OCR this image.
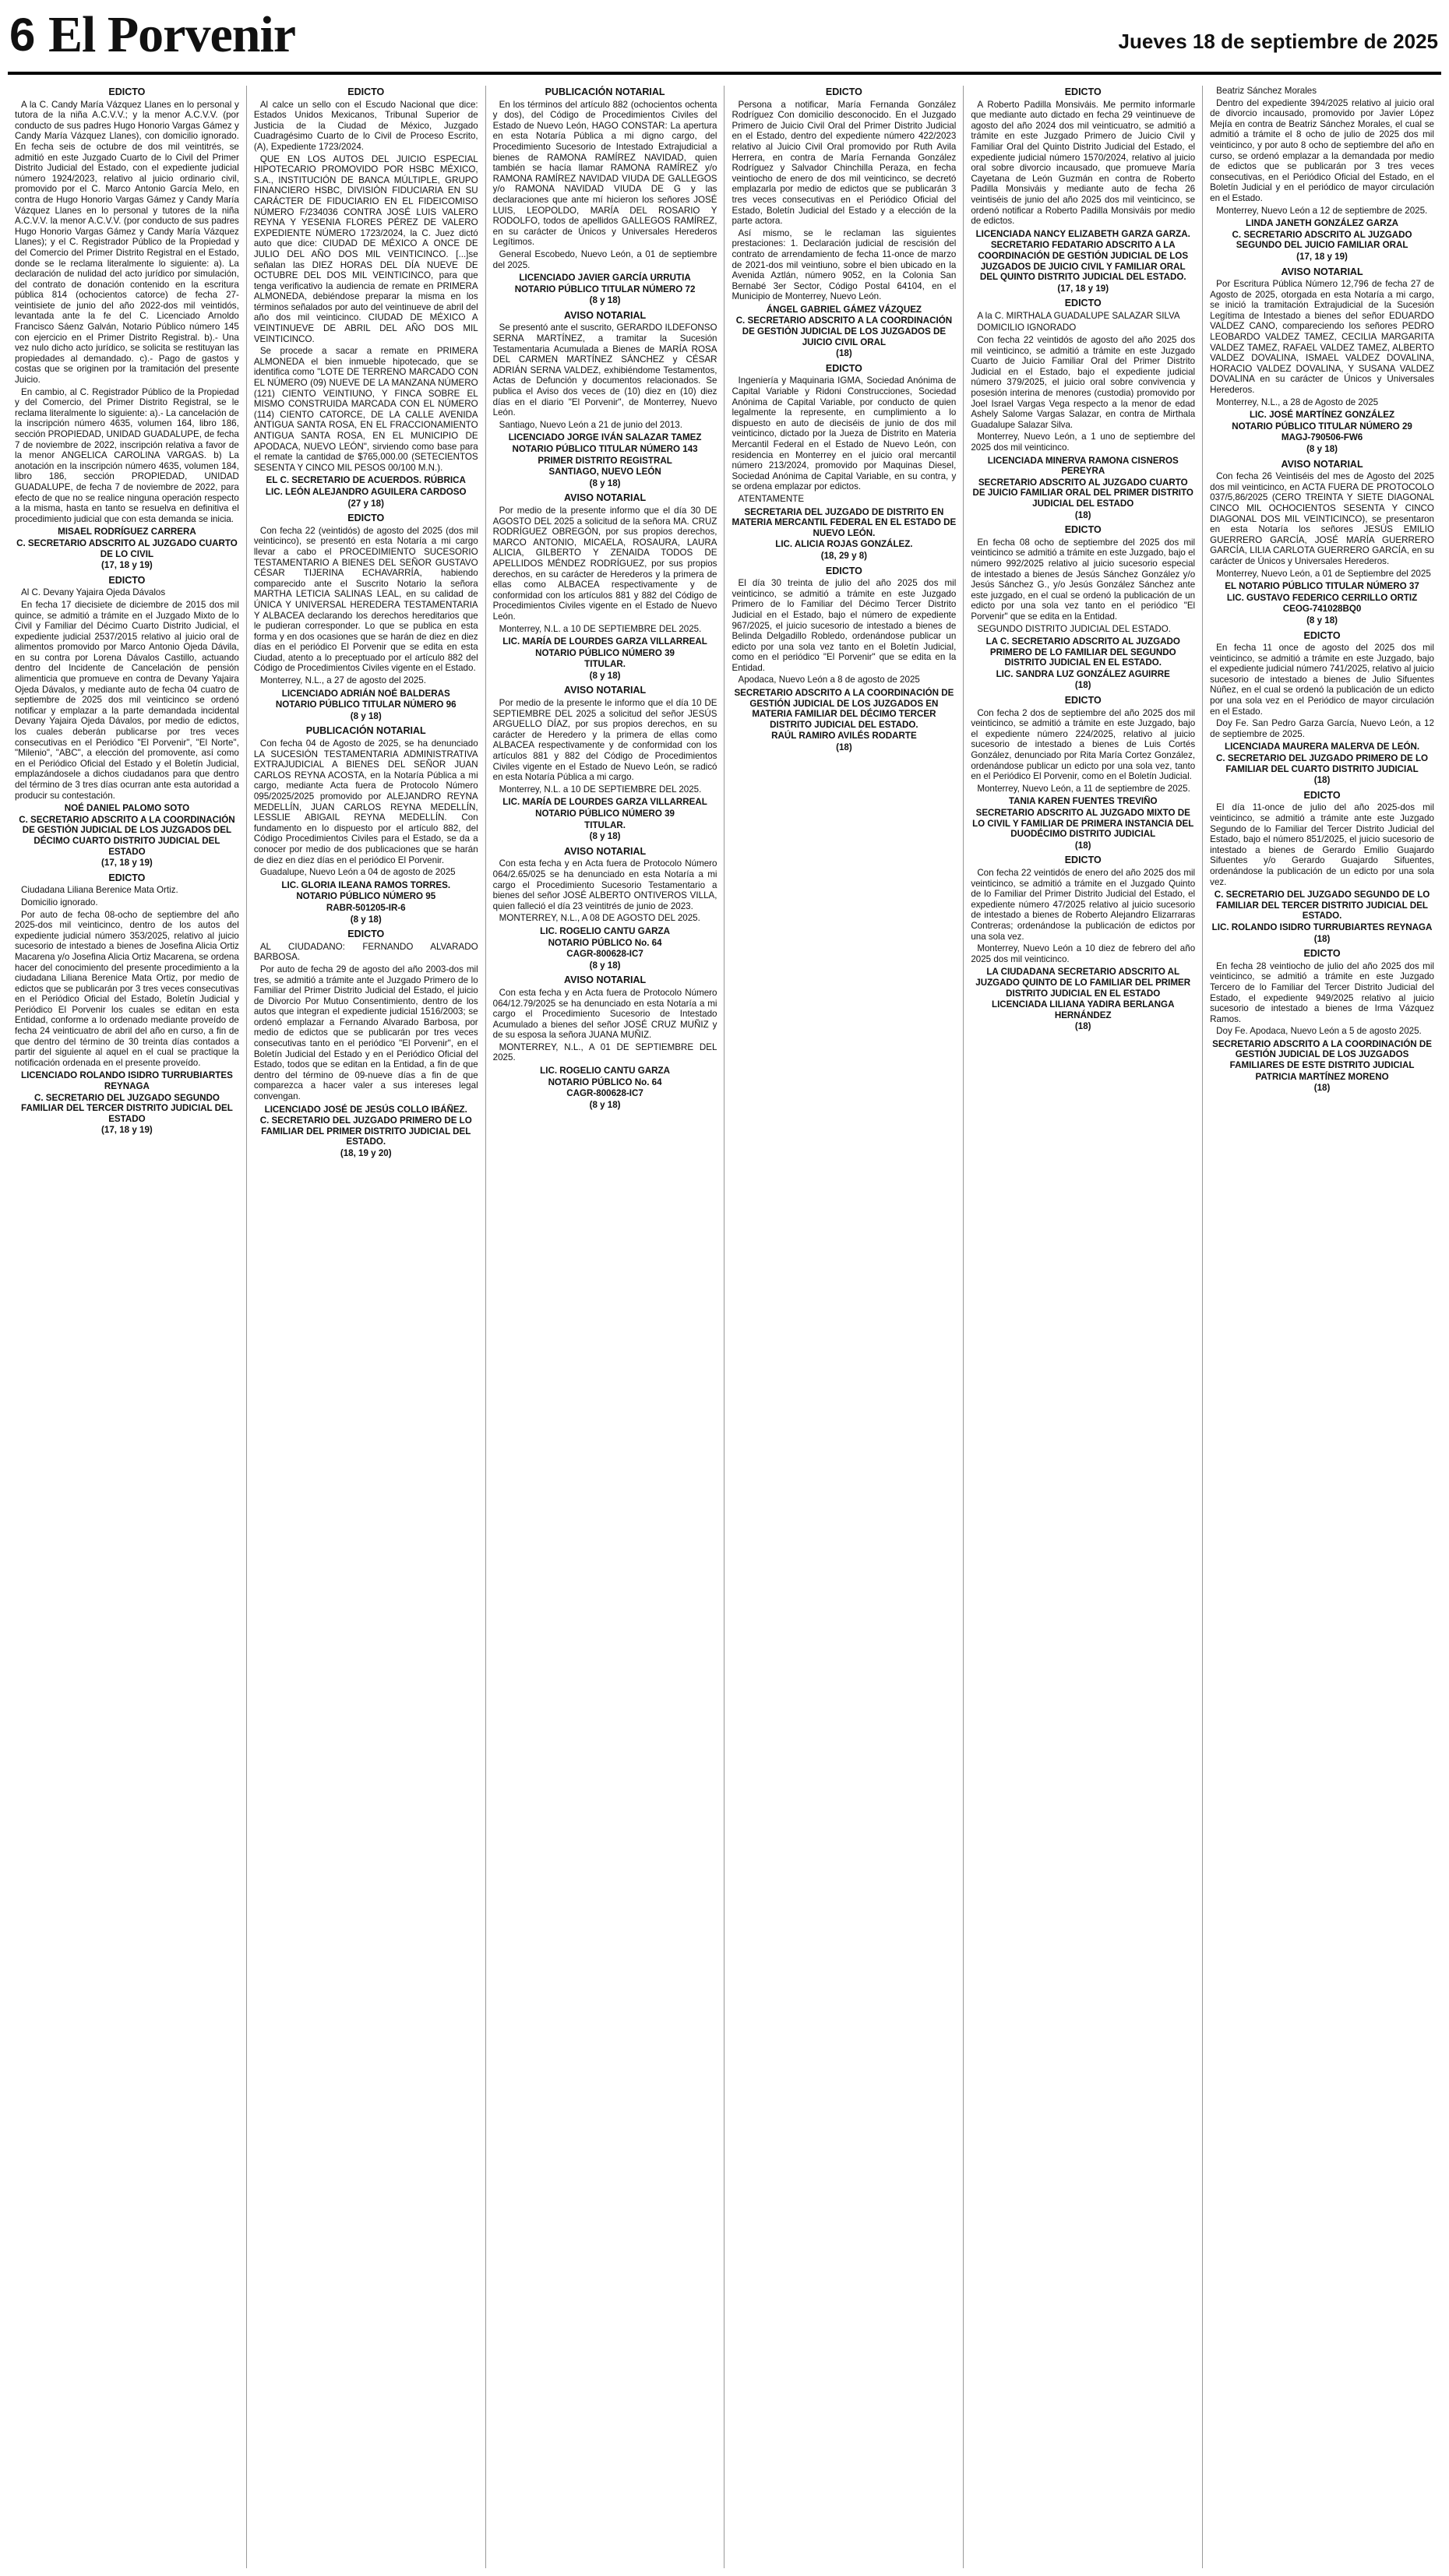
6 El Porvenir	Jueves 18 de septiembre de 2025
EDICTO

A la C. Candy María Vázquez Llanes en lo personal y tutora de la niña A.C.V.V.; y la menor A.C.V.V. (por conducto de sus padres Hugo Honorio Vargas Gámez y Candy María Vázquez Llanes), con domicilio ignorado. En fecha seis de octubre de dos mil veintitrés, se admitió en este Juzgado Cuarto de lo Civil del Primer Distrito Judicial del Estado, con el expediente judicial número 1924/2023, relativo al juicio ordinario civil, promovido por el C. Marco Antonio García Melo, en contra de Hugo Honorio Vargas Gámez y Candy María Vázquez Llanes en lo personal y tutores de la niña A.C.V.V. la menor A.C.V.V. (por conducto de sus padres Hugo Honorio Vargas Gámez y Candy María Vázquez Llanes); y el C. Registrador Público de la Propiedad y del Comercio del Primer Distrito Registral en el Estado, donde se le reclama literalmente lo siguiente: a). La declaración de nulidad del acto jurídico por simulación, del contrato de donación contenido en la escritura pública 814 (ochocientos catorce) de fecha 27-veintisiete de junio del año 2022-dos mil veintidós, levantada ante la fe del C. Licenciado Arnoldo Francisco Sáenz Galván, Notario Público número 145 con ejercicio en el Primer Distrito Registral. b).- Una vez nulo dicho acto jurídico, se solicita se restituyan las propiedades al demandado. c).- Pago de gastos y costas que se originen por la tramitación del presente Juicio.

En cambio, al C. Registrador Público de la Propiedad y del Comercio, del Primer Distrito Registral, se le reclama literalmente lo siguiente: a).- La cancelación de la inscripción número 4635, volumen 164, libro 186, sección PROPIEDAD, UNIDAD GUADALUPE, de fecha 7 de noviembre de 2022, inscripción relativa a favor de la menor ANGELICA CAROLINA VARGAS. b) La anotación en la inscripción número 4635, volumen 184, libro 186, sección PROPIEDAD, UNIDAD GUADALUPE, de fecha 7 de noviembre de 2022, para efecto de que no se realice ninguna operación respecto a la misma, hasta en tanto se resuelva en definitiva el procedimiento judicial que con esta demanda se inicia.

MISAEL RODRÍGUEZ CARRERA
C. SECRETARIO ADSCRITO AL JUZGADO CUARTO DE LO CIVIL
(17, 18 y 19)
EDICTO

Al C. Devany Yajaira Ojeda Dávalos

En fecha 17 diecisiete de diciembre de 2015 dos mil quince, se admitió a trámite en el Juzgado Mixto de lo Civil y Familiar del Décimo Cuarto Distrito Judicial, el expediente judicial 2537/2015 relativo al juicio oral de alimentos promovido por Marco Antonio Ojeda Dávila, en su contra por Lorena Dávalos Castillo, actuando dentro del Incidente de Cancelación de pensión alimenticia que promueve en contra de Devany Yajaira Ojeda Dávalos, y mediante auto de fecha 04 cuatro de septiembre de 2025 dos mil veinticinco se ordenó notificar y emplazar a la parte demandada incidental Devany Yajaira Ojeda Dávalos, por medio de edictos, los cuales deberán publicarse por tres veces consecutivas en el Periódico "El Porvenir", "El Norte", "Milenio", "ABC", a elección del promovente, así como en el Periódico Oficial del Estado y el Boletín Judicial, emplazándosele a dichos ciudadanos para que dentro del término de 3 tres días ocurran ante esta autoridad a producir su contestación.

NOÉ DANIEL PALOMO SOTO
C. SECRETARIO ADSCRITO A LA COORDINACIÓN DE GESTIÓN JUDICIAL DE LOS JUZGADOS DEL DÉCIMO CUARTO DISTRITO JUDICIAL DEL ESTADO
(17, 18 y 19)
EDICTO

Ciudadana Liliana Berenice Mata Ortiz.

Domicilio ignorado.

Por auto de fecha 08-ocho de septiembre del año 2025-dos mil veinticinco, dentro de los autos del expediente judicial número 353/2025, relativo al juicio sucesorio de intestado a bienes de Josefina Alicia Ortiz Macarena y/o Josefina Alicia Ortiz Macarena, se ordena hacer del conocimiento del presente procedimiento a la ciudadana Liliana Berenice Mata Ortiz, por medio de edictos que se publicarán por 3 tres veces consecutivas en el Periódico Oficial del Estado, Boletín Judicial y Periódico El Porvenir los cuales se editan en esta Entidad, conforme a lo ordenado mediante proveído de fecha 24 veinticuatro de abril del año en curso, a fin de que dentro del término de 30 treinta días contados a partir del siguiente al aquel en el cual se practique la notificación ordenada en el presente proveído.

LICENCIADO ROLANDO ISIDRO TURRUBIARTES REYNAGA
C. SECRETARIO DEL JUZGADO SEGUNDO FAMILIAR DEL TERCER DISTRITO JUDICIAL DEL ESTADO
(17, 18 y 19)
EDICTO

Al calce un sello con el Escudo Nacional que dice: Estados Unidos Mexicanos, Tribunal Superior de Justicia de la Ciudad de México, Juzgado Cuadragésimo Cuarto de lo Civil de Proceso Escrito, (A), Expediente 1723/2024.

QUE EN LOS AUTOS DEL JUICIO ESPECIAL HIPOTECARIO PROMOVIDO POR HSBC MÉXICO, S.A., INSTITUCIÓN DE BANCA MÚLTIPLE, GRUPO FINANCIERO HSBC, DIVISIÓN FIDUCIARIA EN SU CARÁCTER DE FIDUCIARIO EN EL FIDEICOMISO NÚMERO F/234036 CONTRA JOSÉ LUIS VALERO REYNA Y YESENIA FLORES PÉREZ DE VALERO EXPEDIENTE NÚMERO 1723/2024, la C. Juez dictó auto que dice: CIUDAD DE MÉXICO A ONCE DE JULIO DEL AÑO DOS MIL VEINTICINCO. [...]se señalan las DIEZ HORAS DEL DÍA NUEVE DE OCTUBRE DEL DOS MIL VEINTICINCO, para que tenga verificativo la audiencia de remate en PRIMERA ALMONEDA, debiéndose preparar la misma en los términos señalados por auto del veintinueve de abril del año dos mil veinticinco. CIUDAD DE MÉXICO A VEINTINUEVE DE ABRIL DEL AÑO DOS MIL VEINTICINCO.

Se procede a sacar a remate en PRIMERA ALMONEDA el bien inmueble hipotecado, que se identifica como "LOTE DE TERRENO MARCADO CON EL NÚMERO (09) NUEVE DE LA MANZANA NÚMERO (121) CIENTO VEINTIUNO, Y FINCA SOBRE EL MISMO CONSTRUIDA MARCADA CON EL NÚMERO (114) CIENTO CATORCE, DE LA CALLE AVENIDA ANTIGUA SANTA ROSA, EN EL FRACCIONAMIENTO ANTIGUA SANTA ROSA, EN EL MUNICIPIO DE APODACA, NUEVO LEÓN", sirviendo como base para el remate la cantidad de $765,000.00 (SETECIENTOS SESENTA Y CINCO MIL PESOS 00/100 M.N.).

EL C. SECRETARIO DE ACUERDOS. RÚBRICA
LIC. LEÓN ALEJANDRO AGUILERA CARDOSO
(27 y 18)
EDICTO

Con fecha 22 (veintidós) de agosto del 2025 (dos mil veinticinco), se presentó en esta Notaría a mi cargo llevar a cabo el PROCEDIMIENTO SUCESORIO TESTAMENTARIO A BIENES DEL SEÑOR GUSTAVO CÉSAR TIJERINA ECHAVARRÍA, habiendo comparecido ante el Suscrito Notario la señora MARTHA LETICIA SALINAS LEAL, en su calidad de ÚNICA Y UNIVERSAL HEREDERA TESTAMENTARIA Y ALBACEA declarando los derechos hereditarios que le pudieran corresponder. Lo que se publica en esta forma y en dos ocasiones que se harán de diez en diez días en el periódico El Porvenir que se edita en esta Ciudad, atento a lo preceptuado por el artículo 882 del Código de Procedimientos Civiles vigente en el Estado.

Monterrey, N.L., a 27 de agosto del 2025.

LICENCIADO ADRIÁN NOÉ BALDERAS
NOTARIO PÚBLICO TITULAR NÚMERO 96
(8 y 18)
PUBLICACIÓN NOTARIAL

Con fecha 04 de Agosto de 2025, se ha denunciado LA SUCESIÓN TESTAMENTARIA ADMINISTRATIVA EXTRAJUDICIAL A BIENES DEL SEÑOR JUAN CARLOS REYNA ACOSTA, en la Notaría Pública a mi cargo, mediante Acta fuera de Protocolo Número 095/2025/2025 promovido por ALEJANDRO REYNA MEDELLÍN, JUAN CARLOS REYNA MEDELLÍN, LESSLIE ABIGAIL REYNA MEDELLÍN. Con fundamento en lo dispuesto por el artículo 882, del Código Procedimientos Civiles para el Estado, se da a conocer por medio de dos publicaciones que se harán de diez en diez días en el periódico El Porvenir.

Guadalupe, Nuevo León a 04 de agosto de 2025

LIC. GLORIA ILEANA RAMOS TORRES.
NOTARIO PÚBLICO NÚMERO 95
RABR-501205-IR-6
(8 y 18)
EDICTO

AL CIUDADANO: FERNANDO ALVARADO BARBOSA.

Por auto de fecha 29 de agosto del año 2003-dos mil tres, se admitió a trámite ante el Juzgado Primero de lo Familiar del Primer Distrito Judicial del Estado, el juicio de Divorcio Por Mutuo Consentimiento, dentro de los autos que integran el expediente judicial 1516/2003; se ordenó emplazar a Fernando Alvarado Barbosa, por medio de edictos que se publicarán por tres veces consecutivas tanto en el periódico "El Porvenir", en el Boletín Judicial del Estado y en el Periódico Oficial del Estado, todos que se editan en la Entidad, a fin de que dentro del término de 09-nueve días a fin de que comparezca a hacer valer a sus intereses legal convengan.

LICENCIADO JOSÉ DE JESÚS COLLO IBÁÑEZ.
C. SECRETARIO DEL JUZGADO PRIMERO DE LO FAMILIAR DEL PRIMER DISTRITO JUDICIAL DEL ESTADO.
(18, 19 y 20)
PUBLICACIÓN NOTARIAL

En los términos del artículo 882 (ochocientos ochenta y dos), del Código de Procedimientos Civiles del Estado de Nuevo León, HAGO CONSTAR: La apertura en esta Notaría Pública a mi digno cargo, del Procedimiento Sucesorio de Intestado Extrajudicial a bienes de RAMONA RAMÍREZ NAVIDAD, quien también se hacía llamar RAMONA RAMÍREZ y/o RAMONA RAMÍREZ NAVIDAD VIUDA DE GALLEGOS y/o RAMONA NAVIDAD VIUDA DE G y las declaraciones que ante mí hicieron los señores JOSÉ LUIS, LEOPOLDO, MARÍA DEL ROSARIO Y RODOLFO, todos de apellidos GALLEGOS RAMÍREZ, en su carácter de Únicos y Universales Herederos Legítimos.

General Escobedo, Nuevo León, a 01 de septiembre del 2025.

LICENCIADO JAVIER GARCÍA URRUTIA
NOTARIO PÚBLICO TITULAR NÚMERO 72
(8 y 18)
AVISO NOTARIAL

Se presentó ante el suscrito, GERARDO ILDEFONSO SERNA MARTÍNEZ, a tramitar la Sucesión Testamentaria Acumulada a Bienes de MARÍA ROSA DEL CARMEN MARTÍNEZ SÁNCHEZ y CÉSAR ADRIÁN SERNA VALDEZ, exhibiéndome Testamentos, Actas de Defunción y documentos relacionados. Se publica el Aviso dos veces de (10) diez en (10) diez días en el diario "El Porvenir", de Monterrey, Nuevo León.

Santiago, Nuevo León a 21 de junio del 2013.

LICENCIADO JORGE IVÁN SALAZAR TAMEZ
NOTARIO PÚBLICO TITULAR NÚMERO 143
PRIMER DISTRITO REGISTRAL
SANTIAGO, NUEVO LEÓN
(8 y 18)
AVISO NOTARIAL

Por medio de la presente informo que el día 30 DE AGOSTO DEL 2025 a solicitud de la señora MA. CRUZ RODRÍGUEZ OBREGÓN, por sus propios derechos, MARCO ANTONIO, MICAELA, ROSAURA, LAURA ALICIA, GILBERTO Y ZENAIDA TODOS DE APELLIDOS MÉNDEZ RODRÍGUEZ, por sus propios derechos, en su carácter de Herederos y la primera de ellas como ALBACEA respectivamente y de conformidad con los artículos 881 y 882 del Código de Procedimientos Civiles vigente en el Estado de Nuevo León.

Monterrey, N.L. a 10 DE SEPTIEMBRE DEL 2025.

LIC. MARÍA DE LOURDES GARZA VILLARREAL
NOTARIO PÚBLICO NÚMERO 39
TITULAR.
(8 y 18)
AVISO NOTARIAL

Por medio de la presente le informo que el día 10 DE SEPTIEMBRE DEL 2025 a solicitud del señor JESÚS ARGUELLO DÍAZ, por sus propios derechos, en su carácter de Heredero y la primera de ellas como ALBACEA respectivamente y de conformidad con los artículos 881 y 882 del Código de Procedimientos Civiles vigente en el Estado de Nuevo León, se radicó en esta Notaría Pública a mi cargo.

Monterrey, N.L. a 10 DE SEPTIEMBRE DEL 2025.

LIC. MARÍA DE LOURDES GARZA VILLARREAL
NOTARIO PÚBLICO NÚMERO 39
TITULAR.
(8 y 18)
AVISO NOTARIAL

Con esta fecha y en Acta fuera de Protocolo Número 064/2.65/025 se ha denunciado en esta Notaría a mi cargo el Procedimiento Sucesorio Testamentario a bienes del señor JOSÉ ALBERTO ONTIVEROS VILLA, quien falleció el día 23 veintitrés de junio de 2023.

MONTERREY, N.L., A 08 DE AGOSTO DEL 2025.

LIC. ROGELIO CANTU GARZA
NOTARIO PÚBLICO No. 64
CAGR-800628-IC7
(8 y 18)
AVISO NOTARIAL

Con esta fecha y en Acta fuera de Protocolo Número 064/12.79/2025 se ha denunciado en esta Notaría a mi cargo el Procedimiento Sucesorio de Intestado Acumulado a bienes del señor JOSÉ CRUZ MUÑIZ y de su esposa la señora JUANA MUÑIZ.

MONTERREY, N.L., A 01 DE SEPTIEMBRE DEL 2025.

LIC. ROGELIO CANTU GARZA
NOTARIO PÚBLICO No. 64
CAGR-800628-IC7
(8 y 18)
EDICTO

Persona a notificar, María Fernanda González Rodríguez Con domicilio desconocido. En el Juzgado Primero de Juicio Civil Oral del Primer Distrito Judicial en el Estado, dentro del expediente número 422/2023 relativo al Juicio Civil Oral promovido por Ruth Avila Herrera, en contra de María Fernanda González Rodríguez y Salvador Chinchilla Peraza, en fecha veintiocho de enero de dos mil veinticinco, se decretó emplazarla por medio de edictos que se publicarán 3 tres veces consecutivas en el Periódico Oficial del Estado, Boletín Judicial del Estado y a elección de la parte actora.

Así mismo, se le reclaman las siguientes prestaciones: 1. Declaración judicial de rescisión del contrato de arrendamiento de fecha 11-once de marzo de 2021-dos mil veintiuno, sobre el bien ubicado en la Avenida Aztlán, número 9052, en la Colonia San Bernabé 3er Sector, Código Postal 64104, en el Municipio de Monterrey, Nuevo León.

ÁNGEL GABRIEL GÁMEZ VÁZQUEZ
C. SECRETARIO ADSCRITO A LA COORDINACIÓN DE GESTIÓN JUDICIAL DE LOS JUZGADOS DE JUICIO CIVIL ORAL
(18)
EDICTO

Ingeniería y Maquinaria IGMA, Sociedad Anónima de Capital Variable y Ridoni Construcciones, Sociedad Anónima de Capital Variable, por conducto de quien legalmente la represente, en cumplimiento a lo dispuesto en auto de dieciséis de junio de dos mil veinticinco, dictado por la Jueza de Distrito en Materia Mercantil Federal en el Estado de Nuevo León, con residencia en Monterrey en el juicio oral mercantil número 213/2024, promovido por Maquinas Diesel, Sociedad Anónima de Capital Variable, en su contra, y se ordena emplazar por edictos.

ATENTAMENTE

SECRETARIA DEL JUZGADO DE DISTRITO EN MATERIA MERCANTIL FEDERAL EN EL ESTADO DE NUEVO LEÓN.
LIC. ALICIA ROJAS GONZÁLEZ.
(18, 29 y 8)
EDICTO

El día 30 treinta de julio del año 2025 dos mil veinticinco, se admitió a trámite en este Juzgado Primero de lo Familiar del Décimo Tercer Distrito Judicial en el Estado, bajo el número de expediente 967/2025, el juicio sucesorio de intestado a bienes de Belinda Delgadillo Robledo, ordenándose publicar un edicto por una sola vez tanto en el Boletín Judicial, como en el periódico "El Porvenir" que se edita en la Entidad.

Apodaca, Nuevo León a 8 de agosto de 2025

SECRETARIO ADSCRITO A LA COORDINACIÓN DE GESTIÓN JUDICIAL DE LOS JUZGADOS EN MATERIA FAMILIAR DEL DÉCIMO TERCER DISTRITO JUDICIAL DEL ESTADO.
RAÚL RAMIRO AVILÉS RODARTE
(18)
EDICTO

A Roberto Padilla Monsiváis. Me permito informarle que mediante auto dictado en fecha 29 veintinueve de agosto del año 2024 dos mil veinticuatro, se admitió a trámite en este Juzgado Primero de Juicio Civil y Familiar Oral del Quinto Distrito Judicial del Estado, el expediente judicial número 1570/2024, relativo al juicio oral sobre divorcio incausado, que promueve María Cayetana de León Guzmán en contra de Roberto Padilla Monsiváis y mediante auto de fecha 26 veintiséis de junio del año 2025 dos mil veinticinco, se ordenó notificar a Roberto Padilla Monsiváis por medio de edictos.

LICENCIADA NANCY ELIZABETH GARZA GARZA.
SECRETARIO FEDATARIO ADSCRITO A LA COORDINACIÓN DE GESTIÓN JUDICIAL DE LOS JUZGADOS DE JUICIO CIVIL Y FAMILIAR ORAL DEL QUINTO DISTRITO JUDICIAL DEL ESTADO.
(17, 18 y 19)
EDICTO

A la C. MIRTHALA GUADALUPE SALAZAR SILVA

DOMICILIO IGNORADO

Con fecha 22 veintidós de agosto del año 2025 dos mil veinticinco, se admitió a trámite en este Juzgado Cuarto de Juicio Familiar Oral del Primer Distrito Judicial en el Estado, bajo el expediente judicial número 379/2025, el juicio oral sobre convivencia y posesión interina de menores (custodia) promovido por Joel Israel Vargas Vega respecto a la menor de edad Ashely Salome Vargas Salazar, en contra de Mirthala Guadalupe Salazar Silva.

Monterrey, Nuevo León, a 1 uno de septiembre del 2025 dos mil veinticinco.

LICENCIADA MINERVA RAMONA CISNEROS PEREYRA
SECRETARIO ADSCRITO AL JUZGADO CUARTO DE JUICIO FAMILIAR ORAL DEL PRIMER DISTRITO JUDICIAL DEL ESTADO
(18)
EDICTO

En fecha 08 ocho de septiembre del 2025 dos mil veinticinco se admitió a trámite en este Juzgado, bajo el número 992/2025 relativo al juicio sucesorio especial de intestado a bienes de Jesús Sánchez González y/o Jesús Sánchez G., y/o Jesús González Sánchez ante este juzgado, en el cual se ordenó la publicación de un edicto por una sola vez tanto en el periódico "El Porvenir" que se edita en la Entidad.

SEGUNDO DISTRITO JUDICIAL DEL ESTADO.

LA C. SECRETARIO ADSCRITO AL JUZGADO PRIMERO DE LO FAMILIAR DEL SEGUNDO DISTRITO JUDICIAL EN EL ESTADO.
LIC. SANDRA LUZ GONZÁLEZ AGUIRRE
(18)
EDICTO

Con fecha 2 dos de septiembre del año 2025 dos mil veinticinco, se admitió a trámite en este Juzgado, bajo el expediente número 224/2025, relativo al juicio sucesorio de intestado a bienes de Luis Cortés González, denunciado por Rita María Cortez González, ordenándose publicar un edicto por una sola vez, tanto en el Periódico El Porvenir, como en el Boletín Judicial.

Monterrey, Nuevo León, a 11 de septiembre de 2025.

TANIA KAREN FUENTES TREVIÑO
SECRETARIO ADSCRITO AL JUZGADO MIXTO DE LO CIVIL Y FAMILIAR DE PRIMERA INSTANCIA DEL DUODÉCIMO DISTRITO JUDICIAL
(18)
EDICTO

Con fecha 22 veintidós de enero del año 2025 dos mil veinticinco, se admitió a trámite en el Juzgado Quinto de lo Familiar del Primer Distrito Judicial del Estado, el expediente número 47/2025 relativo al juicio sucesorio de intestado a bienes de Roberto Alejandro Elizarraras Contreras; ordenándose la publicación de edictos por una sola vez.

Monterrey, Nuevo León a 10 diez de febrero del año 2025 dos mil veinticinco.

LA CIUDADANA SECRETARIO ADSCRITO AL JUZGADO QUINTO DE LO FAMILIAR DEL PRIMER DISTRITO JUDICIAL EN EL ESTADO
LICENCIADA LILIANA YADIRA BERLANGA HERNÁNDEZ
(18)

Beatriz Sánchez Morales

Dentro del expediente 394/2025 relativo al juicio oral de divorcio incausado, promovido por Javier López Mejía en contra de Beatriz Sánchez Morales, el cual se admitió a trámite el 8 ocho de julio de 2025 dos mil veinticinco, y por auto 8 ocho de septiembre del año en curso, se ordenó emplazar a la demandada por medio de edictos que se publicarán por 3 tres veces consecutivas, en el Periódico Oficial del Estado, en el Boletín Judicial y en el periódico de mayor circulación en el Estado.

Monterrey, Nuevo León a 12 de septiembre de 2025.

LINDA JANETH GONZÁLEZ GARZA
C. SECRETARIO ADSCRITO AL JUZGADO SEGUNDO DEL JUICIO FAMILIAR ORAL
(17, 18 y 19)
AVISO NOTARIAL

Por Escritura Pública Número 12,796 de fecha 27 de Agosto de 2025, otorgada en esta Notaría a mi cargo, se inició la tramitación Extrajudicial de la Sucesión Legítima de Intestado a bienes del señor EDUARDO VALDEZ CANO, compareciendo los señores PEDRO LEOBARDO VALDEZ TAMEZ, CECILIA MARGARITA VALDEZ TAMEZ, RAFAEL VALDEZ TAMEZ, ALBERTO VALDEZ DOVALINA, ISMAEL VALDEZ DOVALINA, HORACIO VALDEZ DOVALINA, Y SUSANA VALDEZ DOVALINA en su carácter de Únicos y Universales Herederos.

Monterrey, N.L., a 28 de Agosto de 2025

LIC. JOSÉ MARTÍNEZ GONZÁLEZ
NOTARIO PÚBLICO TITULAR NÚMERO 29
MAGJ-790506-FW6
(8 y 18)
AVISO NOTARIAL

Con fecha 26 Veintiséis del mes de Agosto del 2025 dos mil veinticinco, en ACTA FUERA DE PROTOCOLO 037/5,86/2025 (CERO TREINTA Y SIETE DIAGONAL CINCO MIL OCHOCIENTOS SESENTA Y CINCO DIAGONAL DOS MIL VEINTICINCO), se presentaron en esta Notaría los señores JESÚS EMILIO GUERRERO GARCÍA, JOSÉ MARÍA GUERRERO GARCÍA, LILIA CARLOTA GUERRERO GARCÍA, en su carácter de Únicos y Universales Herederos.

Monterrey, Nuevo León, a 01 de Septiembre del 2025

EL NOTARIO PÚBLICO TITULAR NÚMERO 37
LIC. GUSTAVO FEDERICO CERRILLO ORTIZ
CEOG-741028BQ0
(8 y 18)
EDICTO

En fecha 11 once de agosto del 2025 dos mil veinticinco, se admitió a trámite en este Juzgado, bajo el expediente judicial número 741/2025, relativo al juicio sucesorio de intestado a bienes de Julio Sifuentes Núñez, en el cual se ordenó la publicación de un edicto por una sola vez en el Periódico de mayor circulación en el Estado.

Doy Fe. San Pedro Garza García, Nuevo León, a 12 de septiembre de 2025.

LICENCIADA MAURERA MALERVA DE LEÓN.
C. SECRETARIO DEL JUZGADO PRIMERO DE LO FAMILIAR DEL CUARTO DISTRITO JUDICIAL
(18)
EDICTO

El día 11-once de julio del año 2025-dos mil veinticinco, se admitió a trámite ante este Juzgado Segundo de lo Familiar del Tercer Distrito Judicial del Estado, bajo el número 851/2025, el juicio sucesorio de intestado a bienes de Gerardo Emilio Guajardo Sifuentes y/o Gerardo Guajardo Sifuentes, ordenándose la publicación de un edicto por una sola vez.

C. SECRETARIO DEL JUZGADO SEGUNDO DE LO FAMILIAR DEL TERCER DISTRITO JUDICIAL DEL ESTADO.
LIC. ROLANDO ISIDRO TURRUBIARTES REYNAGA
(18)
EDICTO

En fecha 28 veintiocho de julio del año 2025 dos mil veinticinco, se admitió a trámite en este Juzgado Tercero de lo Familiar del Tercer Distrito Judicial del Estado, el expediente 949/2025 relativo al juicio sucesorio de intestado a bienes de Irma Vázquez Ramos.

Doy Fe. Apodaca, Nuevo León a 5 de agosto 2025.

SECRETARIO ADSCRITO A LA COORDINACIÓN DE GESTIÓN JUDICIAL DE LOS JUZGADOS FAMILIARES DE ESTE DISTRITO JUDICIAL
PATRICIA MARTÍNEZ MORENO
(18)
